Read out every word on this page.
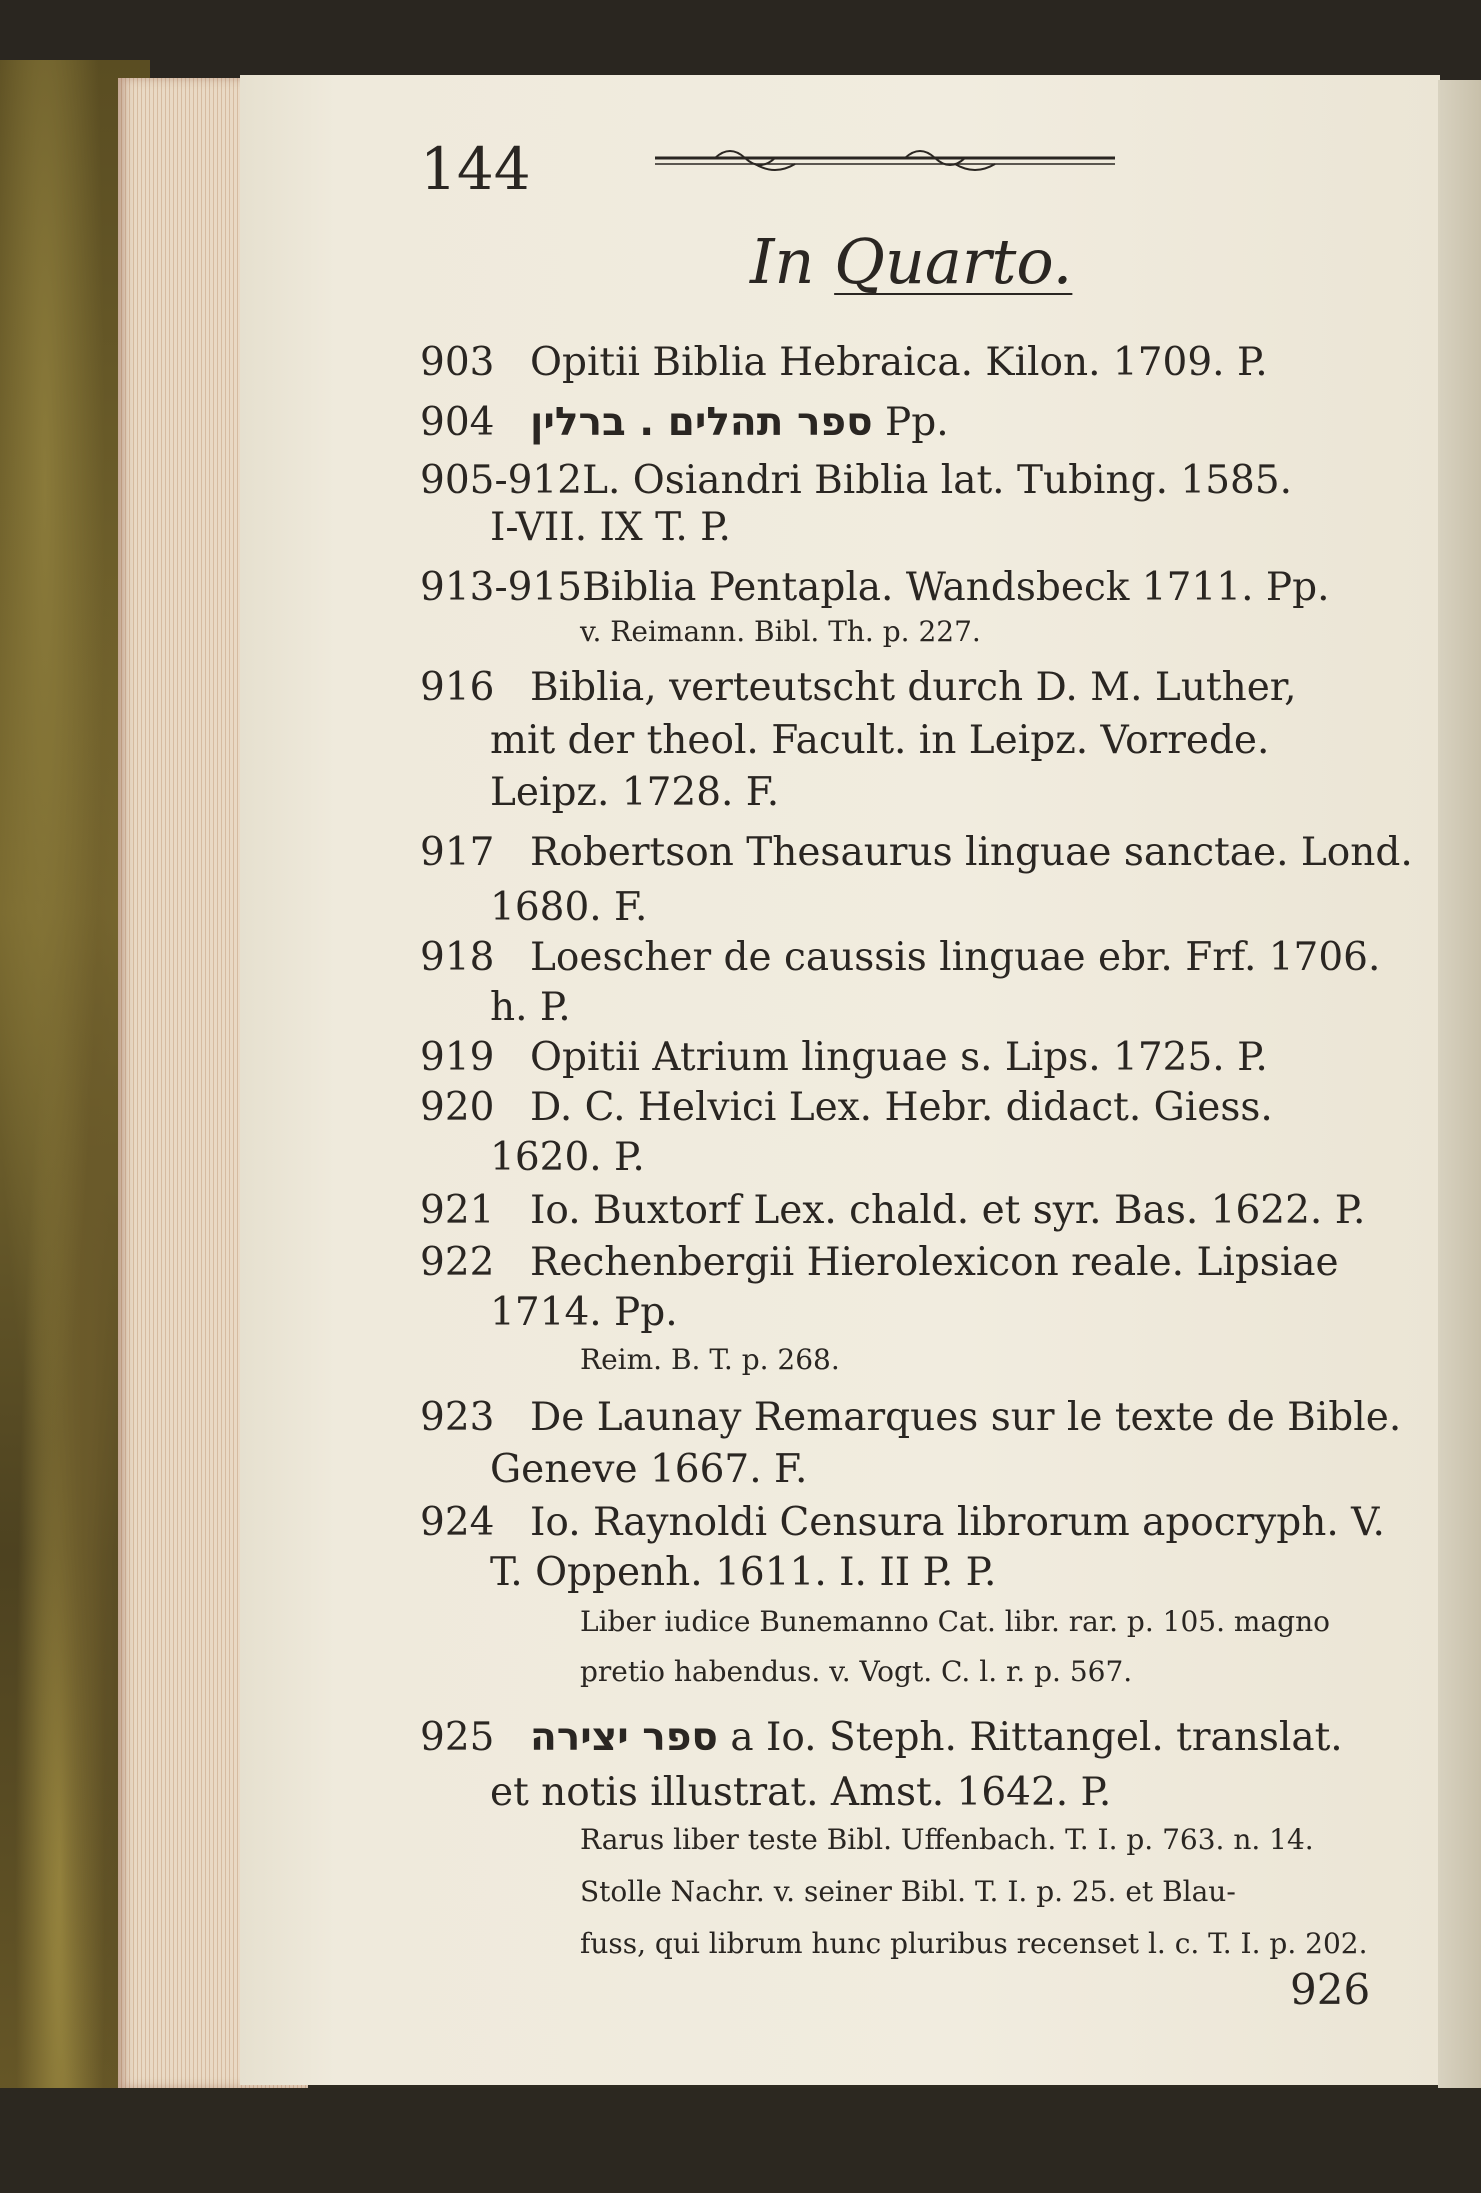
144
In Quarto.
903 Opitii Biblia Hebraica. Kilon. 1709. P.
904 ספר תהלים . ברלין Pp.
905-912L. Osiandri Biblia lat. Tubing. 1585.
I-VII. IX T. P.
913-915Biblia Pentapla. Wandsbeck 1711. Pp.
v. Reimann. Bibl. Th. p. 227.
916 Biblia, verteutscht durch D. M. Luther,
mit der theol. Facult. in Leipz. Vorrede.
Leipz. 1728. F.
917 Robertson Thesaurus linguae sanctae. Lond.
1680. F.
918 Loescher de caussis linguae ebr. Frf. 1706.
h. P.
919 Opitii Atrium linguae s. Lips. 1725. P.
920 D. C. Helvici Lex. Hebr. didact. Giess.
1620. P.
921 Io. Buxtorf Lex. chald. et syr. Bas. 1622. P.
922 Rechenbergii Hierolexicon reale. Lipsiae
1714. Pp.
Reim. B. T. p. 268.
923 De Launay Remarques sur le texte de Bible.
Geneve 1667. F.
924 Io. Raynoldi Censura librorum apocryph. V.
T. Oppenh. 1611. I. II P. P.
Liber iudice Bunemanno Cat. libr. rar. p. 105. magno
pretio habendus. v. Vogt. C. l. r. p. 567.
925 ספר יצירה a Io. Steph. Rittangel. translat.
et notis illustrat. Amst. 1642. P.
Rarus liber teste Bibl. Uffenbach. T. I. p. 763. n. 14.
Stolle Nachr. v. seiner Bibl. T. I. p. 25. et Blau-
fuss, qui librum hunc pluribus recenset l. c. T. I. p. 202.
926
